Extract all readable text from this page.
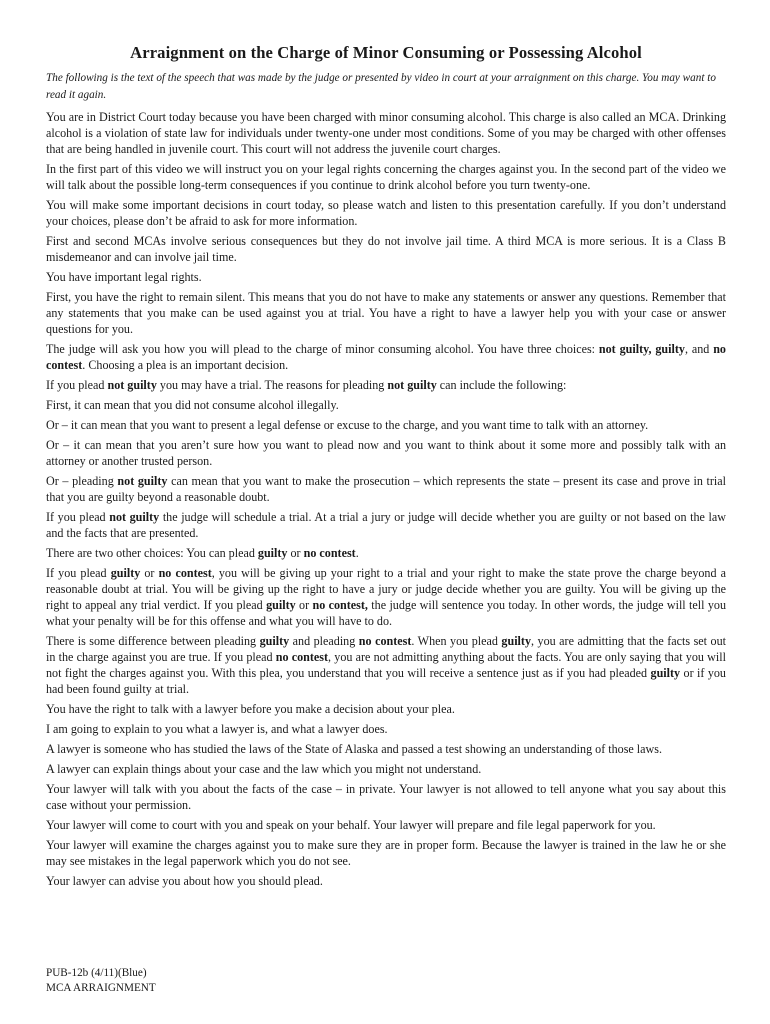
Arraignment on the Charge of Minor Consuming or Possessing Alcohol

The following is the text of the speech that was made by the judge or presented by video in court at your arraignment on this charge. You may want to read it again.

You are in District Court today because you have been charged with minor consuming alcohol. This charge is also called an MCA. Drinking alcohol is a violation of state law for individuals under twenty-one under most conditions. Some of you may be charged with other offenses that are being handled in juvenile court. This court will not address the juvenile court charges.

In the first part of this video we will instruct you on your legal rights concerning the charges against you. In the second part of the video we will talk about the possible long-term consequences if you continue to drink alcohol before you turn twenty-one.

You will make some important decisions in court today, so please watch and listen to this presentation carefully. If you don’t understand your choices, please don’t be afraid to ask for more information.

First and second MCAs involve serious consequences but they do not involve jail time. A third MCA is more serious. It is a Class B misdemeanor and can involve jail time.

You have important legal rights.

First, you have the right to remain silent. This means that you do not have to make any statements or answer any questions. Remember that any statements that you make can be used against you at trial. You have a right to have a lawyer help you with your case or answer questions for you.

The judge will ask you how you will plead to the charge of minor consuming alcohol. You have three choices: not guilty, guilty, and no contest. Choosing a plea is an important decision.

If you plead not guilty you may have a trial. The reasons for pleading not guilty can include the following:

First, it can mean that you did not consume alcohol illegally.

Or – it can mean that you want to present a legal defense or excuse to the charge, and you want time to talk with an attorney.

Or – it can mean that you aren’t sure how you want to plead now and you want to think about it some more and possibly talk with an attorney or another trusted person.

Or – pleading not guilty can mean that you want to make the prosecution – which represents the state – present its case and prove in trial that you are guilty beyond a reasonable doubt.

If you plead not guilty the judge will schedule a trial. At a trial a jury or judge will decide whether you are guilty or not based on the law and the facts that are presented.

There are two other choices: You can plead guilty or no contest.

If you plead guilty or no contest, you will be giving up your right to a trial and your right to make the state prove the charge beyond a reasonable doubt at trial. You will be giving up the right to have a jury or judge decide whether you are guilty. You will be giving up the right to appeal any trial verdict. If you plead guilty or no contest, the judge will sentence you today. In other words, the judge will tell you what your penalty will be for this offense and what you will have to do.

There is some difference between pleading guilty and pleading no contest. When you plead guilty, you are admitting that the facts set out in the charge against you are true. If you plead no contest, you are not admitting anything about the facts. You are only saying that you will not fight the charges against you. With this plea, you understand that you will receive a sentence just as if you had pleaded guilty or if you had been found guilty at trial.

You have the right to talk with a lawyer before you make a decision about your plea.

I am going to explain to you what a lawyer is, and what a lawyer does.

A lawyer is someone who has studied the laws of the State of Alaska and passed a test showing an understanding of those laws.

A lawyer can explain things about your case and the law which you might not understand.

Your lawyer will talk with you about the facts of the case – in private. Your lawyer is not allowed to tell anyone what you say about this case without your permission.

Your lawyer will come to court with you and speak on your behalf. Your lawyer will prepare and file legal paperwork for you.

Your lawyer will examine the charges against you to make sure they are in proper form. Because the lawyer is trained in the law he or she may see mistakes in the legal paperwork which you do not see.

Your lawyer can advise you about how you should plead.

PUB-12b (4/11)(Blue)
MCA ARRAIGNMENT
